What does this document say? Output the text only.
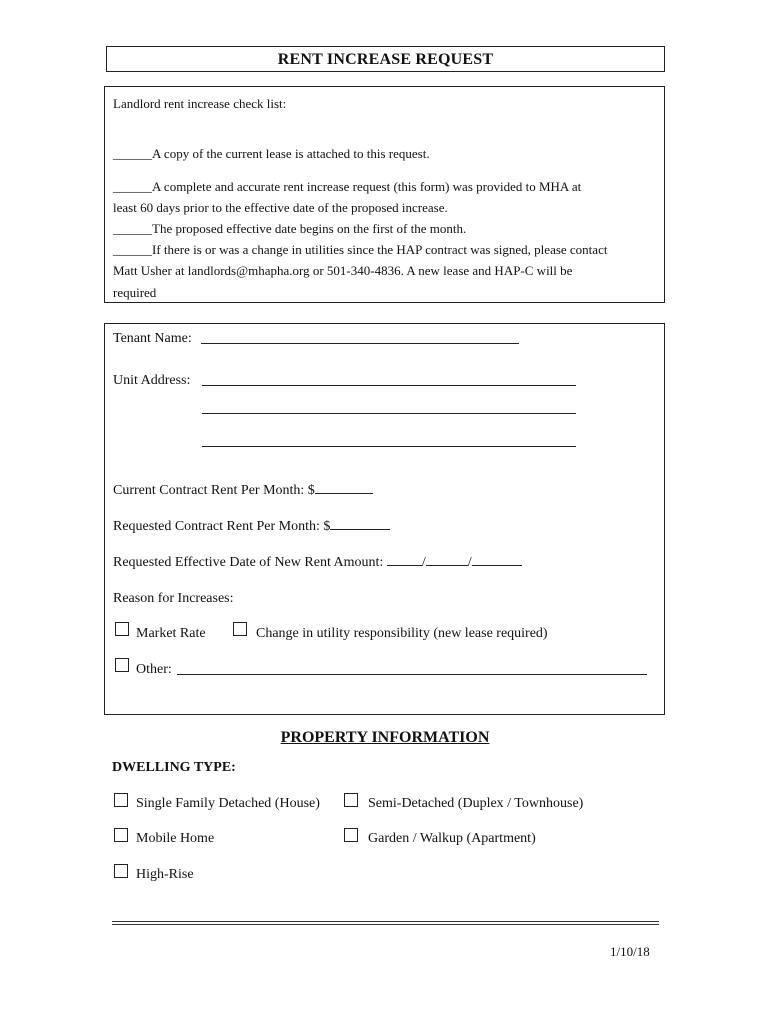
RENT INCREASE REQUEST
Landlord rent increase check list:
______A copy of the current lease is attached to this request.
______A complete and accurate rent increase request (this form) was provided to MHA at
least 60 days prior to the effective date of the proposed increase.
______The proposed effective date begins on the first of the month.
______If there is or was a change in utilities since the HAP contract was signed, please contact
Matt Usher at landlords@mhapha.org or 501-340-4836. A new lease and HAP-C will be
required
Tenant Name:
Unit Address:
Current Contract Rent Per Month: $
Requested Contract Rent Per Month: $
Requested Effective Date of New Rent Amount:	/	/
Reason for Increases:
Market Rate	Change in utility responsibility (new lease required)
Other:
PROPERTY INFORMATION
DWELLING TYPE:
Single Family Detached (House)	Semi-Detached (Duplex / Townhouse)
Mobile Home	Garden / Walkup (Apartment)
High-Rise
1/10/18
